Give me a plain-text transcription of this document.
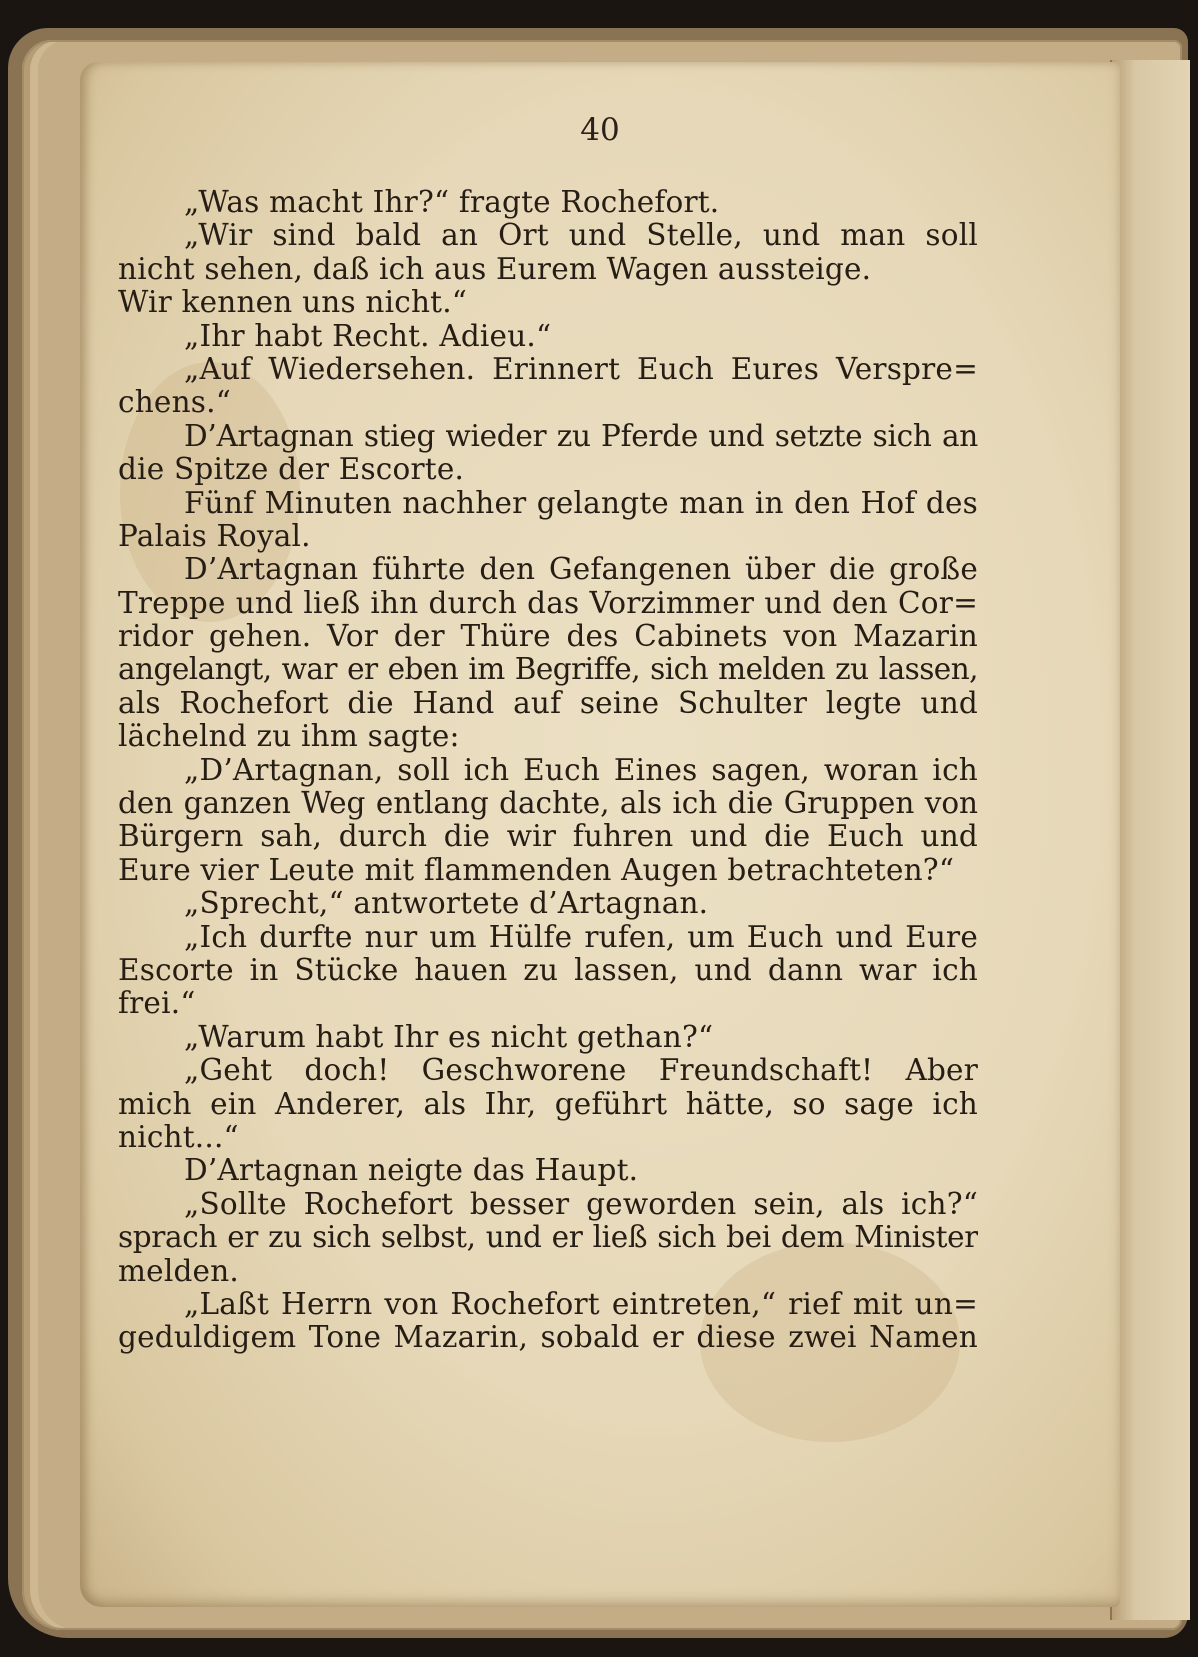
40
„Was macht Ihr?“ fragte Rochefort.
„Wir sind bald an Ort und Stelle, und man soll
nicht sehen, daß ich aus Eurem Wagen aussteige.
Wir kennen uns nicht.“
„Ihr habt Recht. Adieu.“
„Auf Wiedersehen. Erinnert Euch Eures Verspre=
chens.“
D’Artagnan stieg wieder zu Pferde und setzte sich an
die Spitze der Escorte.
Fünf Minuten nachher gelangte man in den Hof des
Palais Royal.
D’Artagnan führte den Gefangenen über die große
Treppe und ließ ihn durch das Vorzimmer und den Cor=
ridor gehen. Vor der Thüre des Cabinets von Mazarin
angelangt, war er eben im Begriffe, sich melden zu lassen,
als Rochefort die Hand auf seine Schulter legte und
lächelnd zu ihm sagte:
„D’Artagnan, soll ich Euch Eines sagen, woran ich
den ganzen Weg entlang dachte, als ich die Gruppen von
Bürgern sah, durch die wir fuhren und die Euch und
Eure vier Leute mit flammenden Augen betrachteten?“
„Sprecht,“ antwortete d’Artagnan.
„Ich durfte nur um Hülfe rufen, um Euch und Eure
Escorte in Stücke hauen zu lassen, und dann war ich
frei.“
„Warum habt Ihr es nicht gethan?“
„Geht doch! Geschworene Freundschaft! Aber
mich ein Anderer, als Ihr, geführt hätte, so sage ich
nicht...“
D’Artagnan neigte das Haupt.
„Sollte Rochefort besser geworden sein, als ich?“
sprach er zu sich selbst, und er ließ sich bei dem Minister
melden.
„Laßt Herrn von Rochefort eintreten,“ rief mit un=
geduldigem Tone Mazarin, sobald er diese zwei Namen
